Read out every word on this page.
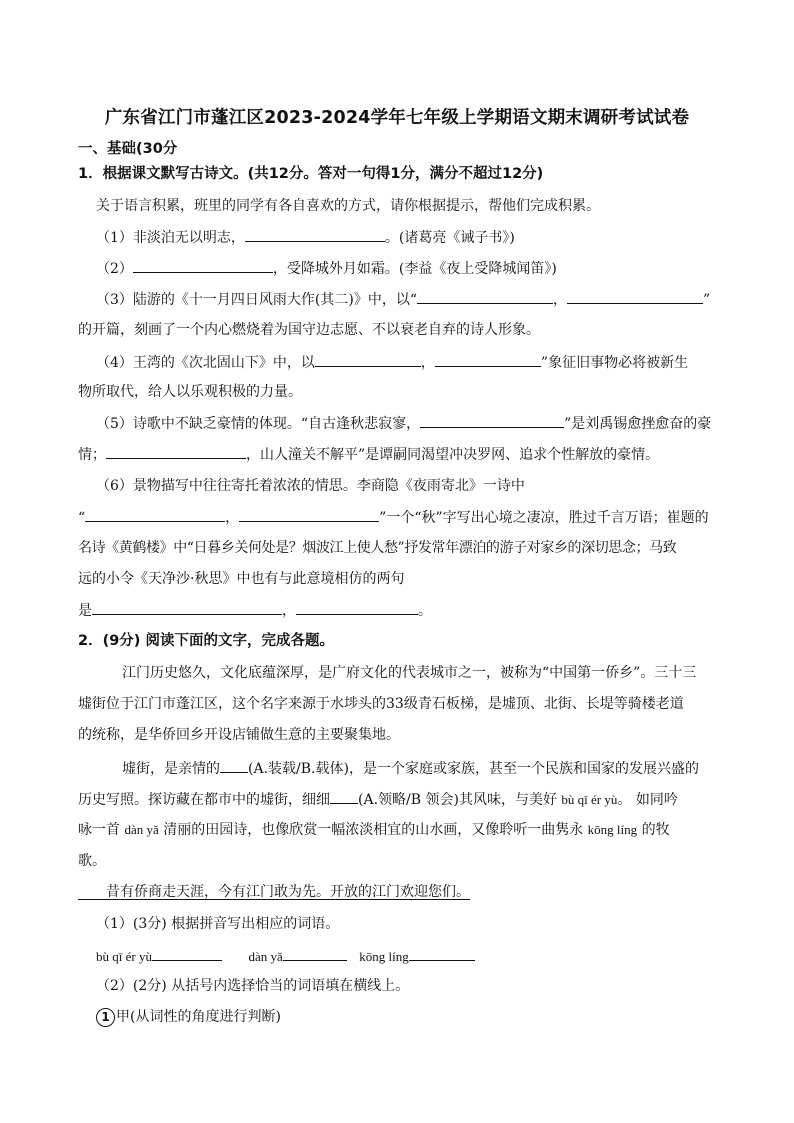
广东省江门市蓬江区2023-2024学年七年级上学期语文期末调研考试试卷
一、基础(30分
1．根据课文默写古诗文。(共12分。答对一句得1分，满分不超过12分)
关于语言积累，班里的同学有各自喜欢的方式，请你根据提示，帮他们完成积累。
（1）非淡泊无以明志，	。(诸葛亮《诫子书》)
（2）	，受降城外月如霜。(李益《夜上受降城闻笛》)
（3）陆游的《十一月四日风雨大作(其二)》中，以“	，	”
的开篇，刻画了一个内心燃烧着为国守边志愿、不以衰老自弃的诗人形象。
（4）王湾的《次北固山下》中，以	，	”象征旧事物必将被新生
物所取代，给人以乐观积极的力量。
（5）诗歌中不缺乏豪情的体现。“自古逢秋悲寂寥，	”是刘禹锡愈挫愈奋的豪
情；	，山人潼关不解平”是谭嗣同渴望冲决罗网、追求个性解放的豪情。
（6）景物描写中往往寄托着浓浓的情思。李商隐《夜雨寄北》一诗中
“	，	”一个“秋”字写出心境之凄凉，胜过千言万语；崔题的
名诗《黄鹤楼》中“日暮乡关何处是？烟波江上使人愁”抒发常年漂泊的游子对家乡的深切思念；马致
远的小令《天净沙·秋思》中也有与此意境相仿的两句
是	，	。
2．(9分) 阅读下面的文字，完成各题。
江门历史悠久，文化底蕴深厚，是广府文化的代表城市之一，被称为“中国第一侨乡”。三十三
墟街位于江门市蓬江区，这个名字来源于水埗头的33级青石板梯，是墟顶、北街、长堤等骑楼老道
的统称，是华侨回乡开设店铺做生意的主要聚集地。
墟街，是亲情的 (A.装载/B.载体)，是一个家庭或家族，甚至一个民族和国家的发展兴盛的
历史写照。探访藏在都市中的墟街，细细 (A.领略/B 领会)其风味，与美好 bù qī ér yù。 如同吟
咏一首 dàn yǎ 清丽的田园诗，也像欣赏一幅浓淡相宜的山水画，又像聆听一曲隽永 kōng líng 的牧
歌。
　　昔有侨商走天涯，今有江门敢为先。开放的江门欢迎您们。
（1）(3分) 根据拼音写出相应的词语。
bù qī ér yù	dàn yǎ	kōng líng
（2）(2分) 从括号内选择恰当的词语填在横线上。
1 甲(从词性的角度进行判断)
